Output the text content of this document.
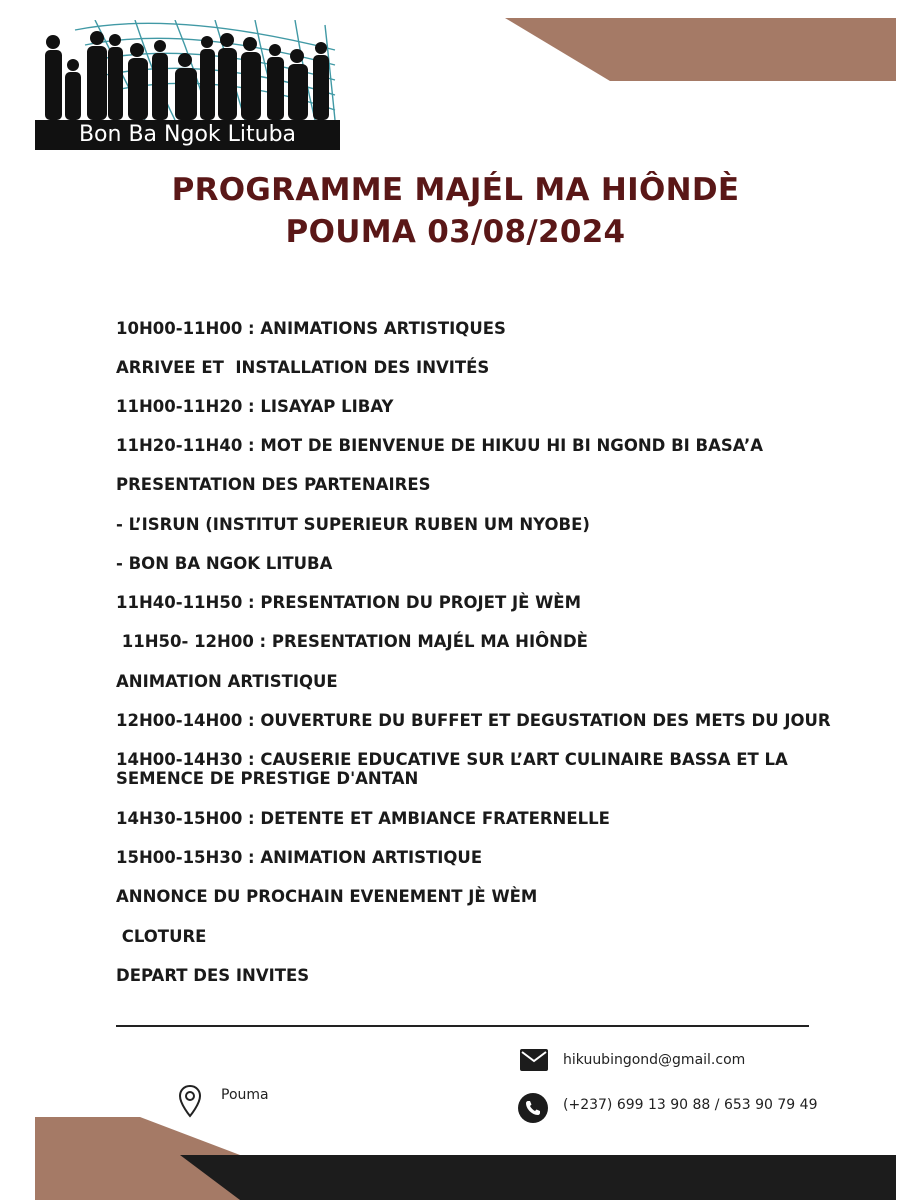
Bon Ba Ngok Lituba
PROGRAMME MAJÉL MA HIÔNDÈ
POUMA 03/08/2024
10H00-11H00 : ANIMATIONS ARTISTIQUES
ARRIVEE ET  INSTALLATION DES INVITÉS
11H00-11H20 : LISAYAP LIBAY
11H20-11H40 : MOT DE BIENVENUE DE HIKUU HI BI NGOND BI BASA’A
PRESENTATION DES PARTENAIRES
- L’ISRUN (INSTITUT SUPERIEUR RUBEN UM NYOBE)
- BON BA NGOK LITUBA
11H40-11H50 : PRESENTATION DU PROJET JÈ WÈM
11H50- 12H00 : PRESENTATION MAJÉL MA HIÔNDÈ
ANIMATION ARTISTIQUE
12H00-14H00 : OUVERTURE DU BUFFET ET DEGUSTATION DES METS DU JOUR
14H00-14H30 : CAUSERIE EDUCATIVE SUR L’ART CULINAIRE BASSA ET LA
SEMENCE DE PRESTIGE D'ANTAN
14H30-15H00 : DETENTE ET AMBIANCE FRATERNELLE
15H00-15H30 : ANIMATION ARTISTIQUE
ANNONCE DU PROCHAIN EVENEMENT JÈ WÈM
CLOTURE
DEPART DES INVITES
hikuubingond@gmail.com
(+237) 699 13 90 88 / 653 90 79 49
Pouma
